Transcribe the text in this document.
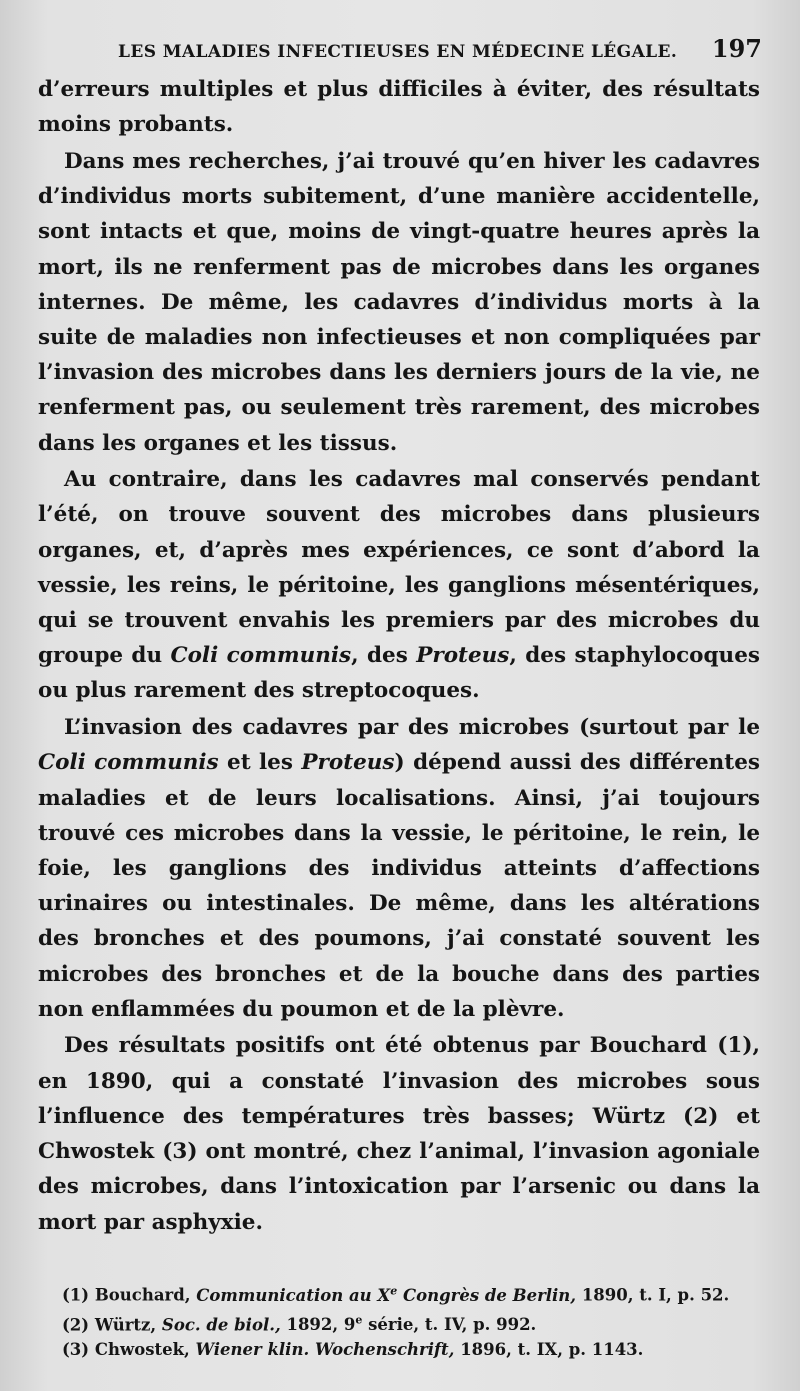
LES MALADIES INFECTIEUSES EN MÉDECINE LÉGALE. 197

d’erreurs multiples et plus difficiles à éviter, des résultats moins probants.

Dans mes recherches, j’ai trouvé qu’en hiver les cadavres d’individus morts subitement, d’une manière accidentelle, sont intacts et que, moins de vingt-quatre heures après la mort, ils ne renferment pas de microbes dans les organes internes. De même, les cadavres d’individus morts à la suite de maladies non infectieuses et non compliquées par l’invasion des microbes dans les derniers jours de la vie, ne renferment pas, ou seulement très rarement, des microbes dans les organes et les tissus.

Au contraire, dans les cadavres mal conservés pendant l’été, on trouve souvent des microbes dans plusieurs organes, et, d’après mes expériences, ce sont d’abord la vessie, les reins, le péritoine, les ganglions mésentériques, qui se trouvent envahis les premiers par des microbes du groupe du Coli communis, des Proteus, des staphylocoques ou plus rarement des streptocoques.

L’invasion des cadavres par des microbes (surtout par le Coli communis et les Proteus) dépend aussi des différentes maladies et de leurs localisations. Ainsi, j’ai toujours trouvé ces microbes dans la vessie, le péritoine, le rein, le foie, les ganglions des individus atteints d’affections urinaires ou intestinales. De même, dans les altérations des bronches et des poumons, j’ai constaté souvent les microbes des bronches et de la bouche dans des parties non enflammées du poumon et de la plèvre.

Des résultats positifs ont été obtenus par Bouchard (1), en 1890, qui a constaté l’invasion des microbes sous l’influence des températures très basses; Würtz (2) et Chwostek (3) ont montré, chez l’animal, l’invasion agoniale des microbes, dans l’intoxication par l’arsenic ou dans la mort par asphyxie.

(1) Bouchard, Communication au Xe Congrès de Berlin, 1890, t. I, p. 52.

(2) Würtz, Soc. de biol., 1892, 9e série, t. IV, p. 992.

(3) Chwostek, Wiener klin. Wochenschrift, 1896, t. IX, p. 1143.
